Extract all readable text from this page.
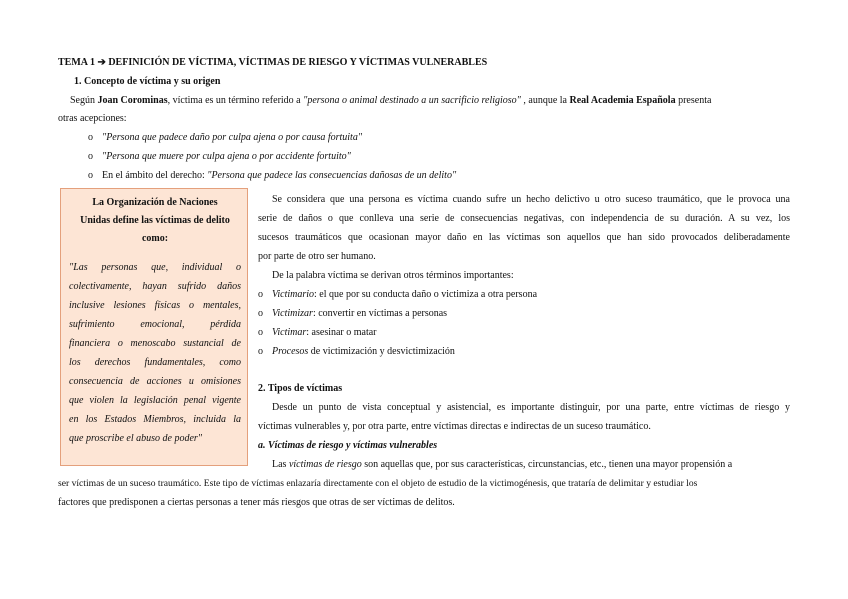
TEMA 1 ➔ DEFINICIÓN DE VÍCTIMA, VÍCTIMAS DE RIESGO Y VÍCTIMAS VULNERABLES
1. Concepto de víctima y su origen
Según Joan Corominas, víctima es un término referido a "persona o animal destinado a un sacrificio religioso" , aunque la Real Academia Española presenta
otras acepciones:
o "Persona que padece daño por culpa ajena o por causa fortuita"
o "Persona que muere por culpa ajena o por accidente fortuito"
o En el ámbito del derecho: "Persona que padece las consecuencias dañosas de un delito"
La Organización de Naciones
Unidas define las víctimas de delito
como:
"Las personas que, individual o
colectivamente, hayan sufrido daños
inclusive lesiones físicas o mentales,
sufrimiento emocional, pérdida
financiera o menoscabo sustancial de
los derechos fundamentales, como
consecuencia de acciones u omisiones
que violen la legislación penal vigente
en los Estados Miembros, incluida la
que proscribe el abuso de poder"
Se considera que una persona es víctima cuando sufre un hecho delictivo u otro suceso traumático, que le provoca una
serie de daños o que conlleva una serie de consecuencias negativas, con independencia de su duración. A su vez, los
sucesos traumáticos que ocasionan mayor daño en las víctimas son aquellos que han sido provocados deliberadamente
por parte de otro ser humano.
De la palabra víctima se derivan otros términos importantes:
o Victimario: el que por su conducta daño o victimiza a otra persona
o Victimizar: convertir en víctimas a personas
o Victimar: asesinar o matar
o Procesos de victimización y desvictimización
2. Tipos de víctimas
Desde un punto de vista conceptual y asistencial, es importante distinguir, por una parte, entre víctimas de riesgo y
víctimas vulnerables y, por otra parte, entre víctimas directas e indirectas de un suceso traumático.
a. Víctimas de riesgo y víctimas vulnerables
Las víctimas de riesgo son aquellas que, por sus características, circunstancias, etc., tienen una mayor propensión a
ser víctimas de un suceso traumático. Este tipo de víctimas enlazaría directamente con el objeto de estudio de la victimogénesis, que trataría de delimitar y estudiar los
factores que predisponen a ciertas personas a tener más riesgos que otras de ser víctimas de delitos.
